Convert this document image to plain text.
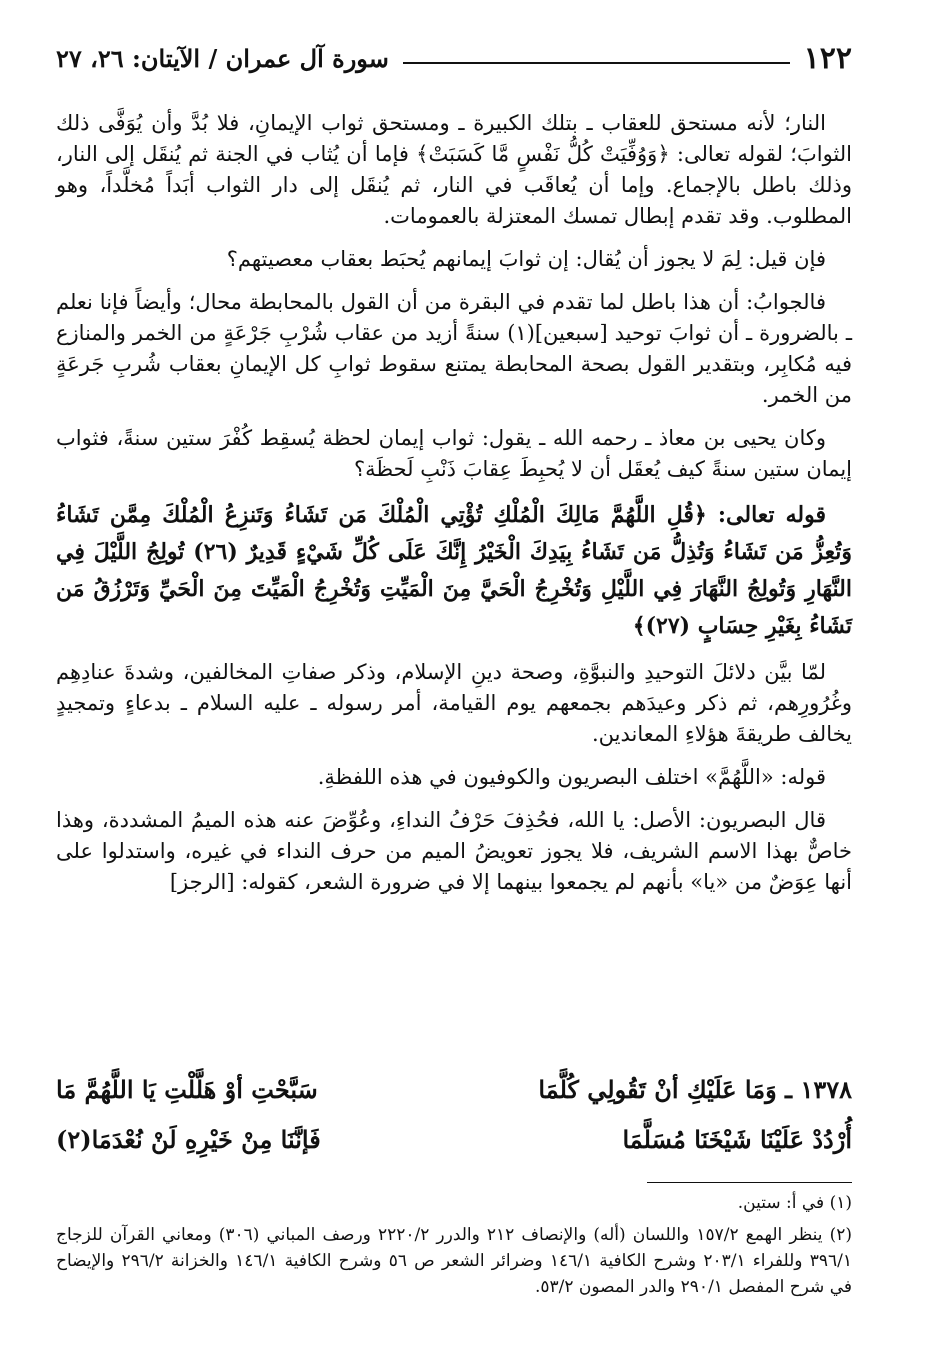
١٢٢
سورة آل عمران / الآيتان: ٢٦، ٢٧

النار؛ لأنه مستحق للعقاب ـ بتلك الكبيرة ـ ومستحق ثواب الإيمانِ، فلا بُدَّ وأن يُوَفَّى ذلك الثوابَ؛ لقوله تعالى: ﴿وَوُفِّيَتْ كُلُّ نَفْسٍ مَّا كَسَبَتْ﴾ فإما أن يُثاب في الجنة ثم يُنقَل إلى النار، وذلك باطل بالإجماع. وإما أن يُعاقَب في النار، ثم يُنقَل إلى دار الثواب أبَداً مُخلَّداً، وهو المطلوب. وقد تقدم إبطال تمسك المعتزلة بالعمومات.

فإن قيل: لِمَ لا يجوز أن يُقال: إن ثوابَ إيمانهم يُحبَط بعقاب معصيتهم؟

فالجوابُ: أن هذا باطل لما تقدم في البقرة من أن القول بالمحابطة محال؛ وأيضاً فإنا نعلم ـ بالضرورة ـ أن ثوابَ توحيد [سبعين](١) سنةً أزيد من عقاب شُرْبِ جَرْعَةٍ من الخمر والمنازع فيه مُكابِر، وبتقدير القول بصحة المحابطة يمتنع سقوط ثوابِ كل الإيمانِ بعقاب شُربِ جَرعَةٍ من الخمر.

وكان يحيى بن معاذ ـ رحمه الله ـ يقول: ثواب إيمان لحظة يُسقِط كُفْرَ ستين سنةً، فثواب إيمان ستين سنةً كيف يُعقَل أن لا يُحبِطَ عِقابَ ذَنْبِ لَحظَة؟

قوله تعالى: ﴿قُلِ اللَّهُمَّ مَالِكَ الْمُلْكِ تُؤْتِي الْمُلْكَ مَن تَشَاءُ وَتَنزِعُ الْمُلْكَ مِمَّن تَشَاءُ وَتُعِزُّ مَن تَشَاءُ وَتُذِلُّ مَن تَشَاءُ بِيَدِكَ الْخَيْرُ إِنَّكَ عَلَى كُلِّ شَيْءٍ قَدِيرٌ (٢٦) تُولِجُ اللَّيْلَ فِي النَّهَارِ وَتُولِجُ النَّهَارَ فِي اللَّيْلِ وَتُخْرِجُ الْحَيَّ مِنَ الْمَيِّتِ وَتُخْرِجُ الْمَيِّتَ مِنَ الْحَيِّ وَتَرْزُقُ مَن تَشَاءُ بِغَيْرِ حِسَابٍ (٢٧)﴾

لمّا بيَّن دلائلَ التوحيدِ والنبوَّةِ، وصحة دينِ الإسلام، وذكر صفاتِ المخالفين، وشدةَ عنادِهِم وغُرُورِهم، ثم ذكر وعيدَهم بجمعهم يوم القيامة، أمر رسوله ـ عليه السلام ـ بدعاءٍ وتمجيدٍ يخالف طريقةَ هؤلاءِ المعاندين.

قوله: «اللَّهُمَّ» اختلف البصريون والكوفيون في هذه اللفظةِ.

قال البصريون: الأصل: يا الله، فحُذِفَ حَرْفُ النداءِ، وعُوِّضَ عنه هذه الميمُ المشددة، وهذا خاصٌّ بهذا الاسم الشريف، فلا يجوز تعويضُ الميم من حرف النداء في غيره، واستدلوا على أنها عِوَضٌ من «يا» بأنهم لم يجمعوا بينهما إلا في ضرورة الشعر، كقوله: [الرجز]

١٣٧٨ ـ وَمَا عَلَيْكِ أنْ تَقُولِي كُلَّمَا
سَبَّحْتِ أوْ هَلَّلْتِ يَا اللَّهُمَّ مَا
أُرْدُدْ عَلَيْنَا شَيْخَنَا مُسَلَّمَا
فَإنَّنَا مِنْ خَيْرِهِ لَنْ نُعْدَمَا(٢)

(١) في أ: ستين.

(٢) ينظر الهمع ١٥٧/٢ واللسان (أله) والإنصاف ٢١٢ والدرر ٢٢٢٠/٢ ورصف المباني (٣٠٦) ومعاني القرآن للزجاج ٣٩٦/١ وللفراء ٢٠٣/١ وشرح الكافية ١٤٦/١ وضرائر الشعر ص ٥٦ وشرح الكافية ١٤٦/١ والخزانة ٢٩٦/٢ والإيضاح في شرح المفصل ٢٩٠/١ والدر المصون ٥٣/٢.
